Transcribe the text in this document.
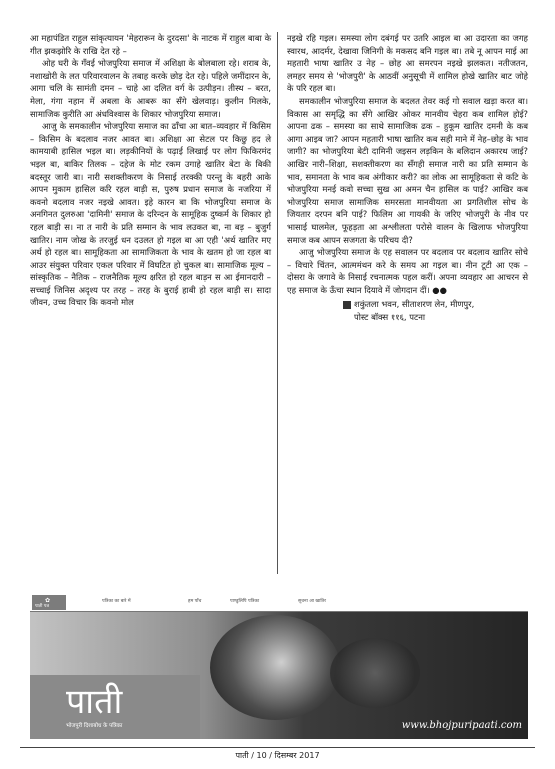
आ महापंडित राहुल सांकृत्यायन 'मेहरारून के दुरदसा' के नाटक में राहुल बाबा के गीत झकझोरि के राखि देत रहे –

ओह घरी के गँवई भोजपुरिया समाज में अशिक्षा के बोलबाला रहे। शराब के, नशाखोरी के लत परिवारवालन के तबाह करके छोड़ देत रहे। पहिले जमींदारन के, आगा चलि के सामंती दमन – चाहे आ दलित वर्ग के उत्पीड़न। तीस्थ – बरत, मेला, गंगा नहान में अबला के आबरू का सँगे खेलवाड़। कुलीन मिलके, सामाजिक कुरीति आ अंधविश्वास के शिकार भोजपुरिया समाज।

आजु के समकालीन भोजपुरिया समाज का ढाँचा आ बात–व्यवहार में किसिम – किसिम के बदलाव नजर आवत बा। अशिक्षा आ सेटल पर किछु हद ले कामयाबी हासिल भइल बा। लड़कीनियों के पढ़ाई लिखाई पर लोग फिकिरमंद भइल बा, बाकिर तिलक – दहेज के मोट रकम उगाहे खातिर बेटा के बिकी बदस्तूर जारी बा। नारी सशक्तीकरण के निसाई तरक्की परन्तु के बहरी आके आपन मुकाम हासिल करि रहल बाड़ी स, पुरुष प्रधान समाज के नजरिया में कवनो बदलाव नजर नइखे आवत। इहे कारन बा कि भोजपुरिया समाज के अनगिनत दुलरुआ 'दामिनी' समाज के दरिन्दन के सामूहिक दुष्कर्म के शिकार हो रहल बाड़ी स। ना त नारी के प्रति सम्मान के भाव लउकत बा, ना बड़ – बुजुर्ग खातिर। नाम जोख के तरजुई धन दउलत हो गइल बा आ एही 'अर्थ खातिर मए अर्थ हो रहल बा। सामूहिकता आ सामाजिकता के भाव के खतम हो जा रहल बा आउर संयुक्त परिवार एकल परिवार में विघटित हो चुकल बा। सामाजिक मूल्य – सांस्कृतिक – नैतिक – राजनैतिक मूल्य क्षरित हो रहल बाड़न स आ ईमानदारी – सच्चाई जिनिस अदृश्य पर तरह – तरह के बुराई हाबी हो रहल बाड़ी स। सादा जीवन, उच्च विचार कि कवनो मोल

नइखे रहि गइल। समस्या लोग दबंगई पर उतरि आइल बा आ उदारता का जगह स्वारथ, आदर्मर, देखावा जिनिगी के मकसद बनि गइल बा। तबे नू आपन माई आ महतारी भाषा खातिर उ नेह – छोह आ समरपन नइखे झलकत। नतीजतन, लमहर समय से 'भोजपुरी' के आठवीं अनुसूची में शामिल होखे खातिर बाट जोहे के परि रहल बा।

समकालीन भोजपुरिया समाज के बदलत तेवर कई गो सवाल खड़ा करत बा। विकास आ समृद्धि का सँगे आखिर ओकर मानवीय चेहरा कब शामिल होई? आपना ढक – समस्या का साथे सामाजिक ढक – हुकूम खातिर दमनी के कब आगा आइब जा? आपन महतारी भाषा खातिर कब सही माने में नेह–छोह के भाव जागी? का भोजपुरिया बेटी दामिनी जइसन लड़किन के बलिदान अकारथ जाई? आखिर नारी–शिक्षा, सशक्तीकरण का सँगही समाज नारी का प्रति सम्मान के भाव, समानता के भाव कब अंगीकार करी? का लोक आ सामूहिकता से कटि के भोजपुरिया मनई कवो सच्चा सुख आ अमन चैन हासिल क पाई? आखिर कब भोजपुरिया समाज सामाजिक समरसता मानवीयता आ प्रगतिशील सोच के जियतार दरपन बनि पाई? फिलिम आ गायकी के जरिए भोजपुरी के नीव पर भासाई घालमेल, फूहड़ता आ अश्लीलता परोसे वालन के खिलाफ भोजपुरिया समाज कब आपन सजगता के परिचय दी?

आजु भोजपुरिया समाज के एह सवालन पर बदलाव पर बदलाव खातिर सोचे – विचारे चिंतन, आत्ममंथन करे के समय आ गइल बा। नीन टूटी आ एक – दोसरा के जगावे के निसाई रचनात्मक पहल करीं। अपना व्यवहार आ आचरन से एह समाज के ऊँचा स्थान दियावे में जोगदान दीं। ●●

शकुंतला भवन, सीताशरण लेन, मीणपुर,
पोस्ट बॉक्स ११६, पटना
✿
पाती पत्र
पत्रिका का बारे में	हम पाँच	पाण्डुलिपि पत्रिका	सूचना आ खातिर
पाती
भोजपुरी दिशाबोध के पत्रिका	www.bhojpuripaati.com
पाती / 10 / दिसम्बर 2017
